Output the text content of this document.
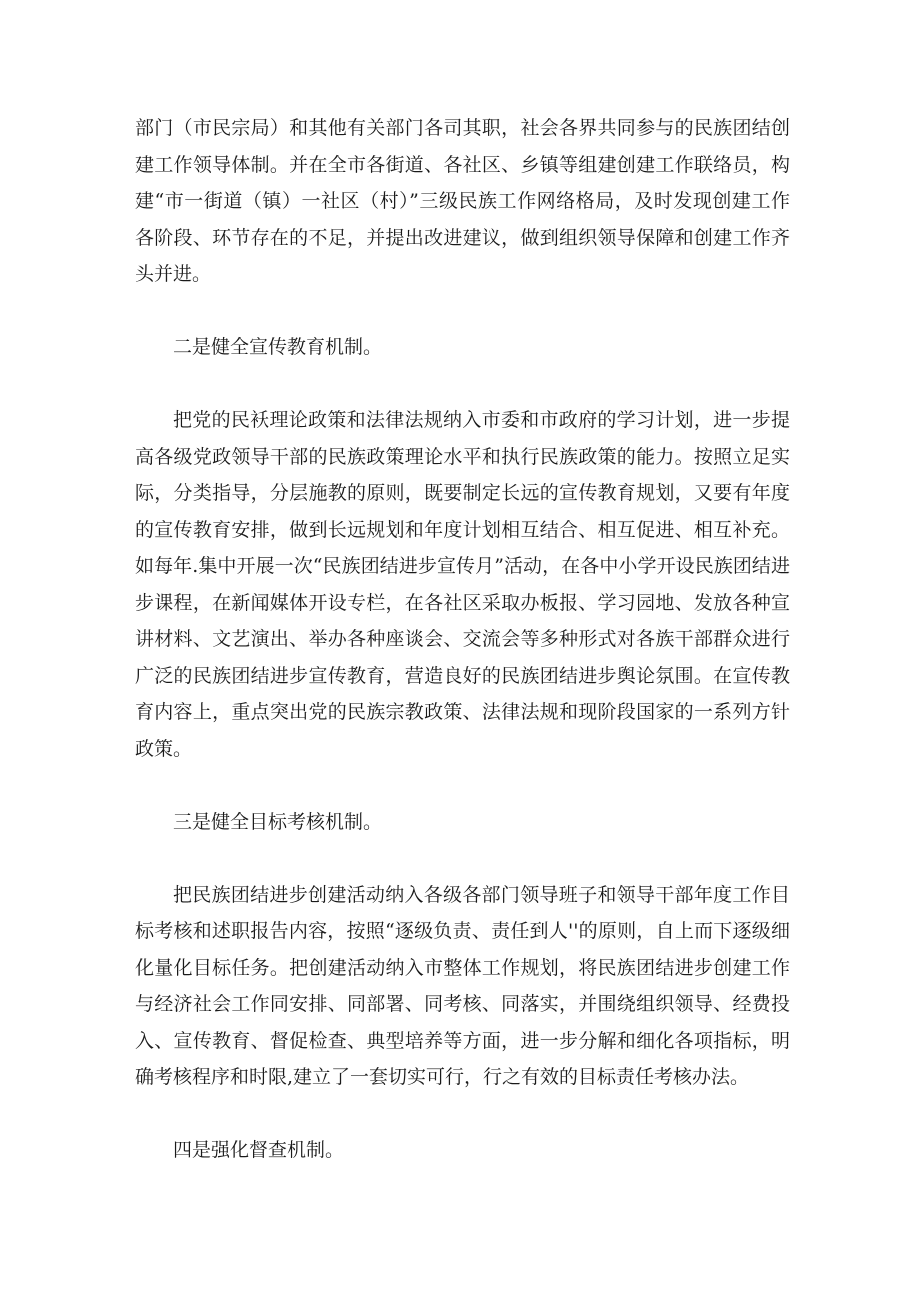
部门（市民宗局）和其他有关部门各司其职，社会各界共同参与的民族团结创建工作领导体制。并在全市各街道、各社区、乡镇等组建创建工作联络员，构建“市一街道（镇）一社区（村）”三级民族工作网络格局，及时发现创建工作各阶段、环节存在的不足，并提出改进建议，做到组织领导保障和创建工作齐头并进。

二是健全宣传教育机制。

把党的民袄理论政策和法律法规纳入市委和市政府的学习计划，进一步提高各级党政领导干部的民族政策理论水平和执行民族政策的能力。按照立足实际，分类指导，分层施教的原则，既要制定长远的宣传教育规划，又要有年度的宣传教育安排，做到长远规划和年度计划相互结合、相互促进、相互补充。如每年.集中开展一次“民族团结进步宣传月”活动，在各中小学开设民族团结进步课程，在新闻媒体开设专栏，在各社区采取办板报、学习园地、发放各种宣讲材料、文艺演出、举办各种座谈会、交流会等多种形式对各族干部群众进行广泛的民族团结进步宣传教育，营造良好的民族团结进步舆论氛围。在宣传教育内容上，重点突出党的民族宗教政策、法律法规和现阶段国家的一系列方针政策。

三是健全目标考核机制。

把民族团结进步创建活动纳入各级各部门领导班子和领导干部年度工作目标考核和述职报告内容，按照“逐级负责、责任到人''的原则，自上而下逐级细化量化目标任务。把创建活动纳入市整体工作规划，将民族团结进步创建工作与经济社会工作同安排、同部署、同考核、同落实，并围绕组织领导、经费投入、宣传教育、督促检查、典型培养等方面，进一步分解和细化各项指标，明确考核程序和时限,建立了一套切实可行，行之有效的目标责任考核办法。

四是强化督查机制。
